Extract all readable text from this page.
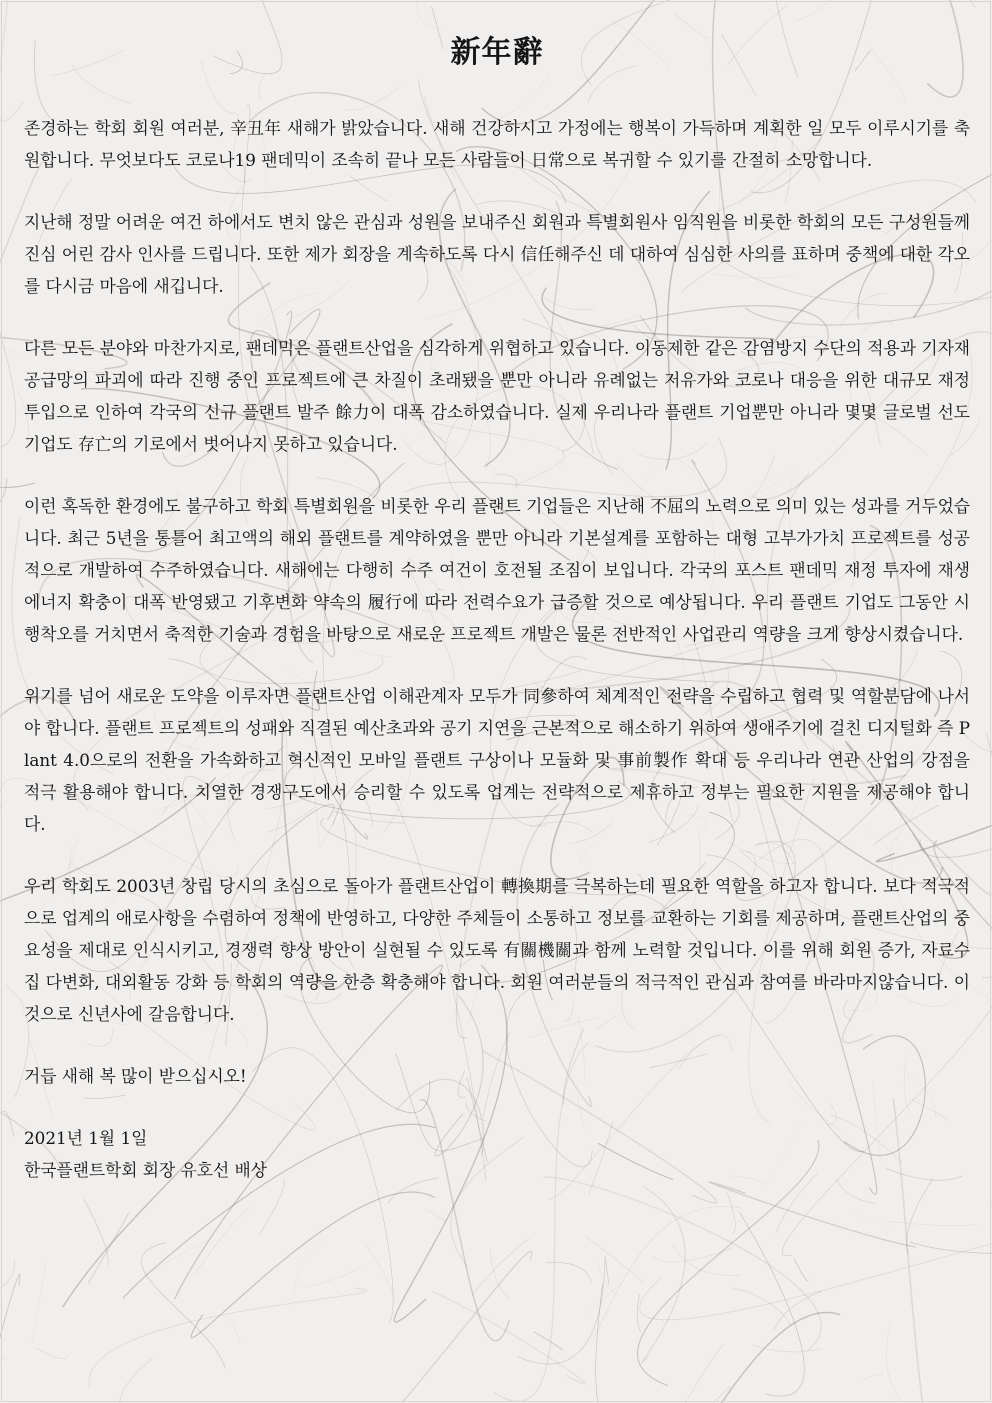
新年辭

존경하는 학회 회원 여러분, 辛丑年 새해가 밝았습니다. 새해 건강하시고 가정에는 행복이 가득하며 계획한 일 모두 이루시기를 축원합니다. 무엇보다도 코로나19 팬데믹이 조속히 끝나 모든 사람들이 日常으로 복귀할 수 있기를 간절히 소망합니다.

지난해 정말 어려운 여건 하에서도 변치 않은 관심과 성원을 보내주신 회원과 특별회원사 임직원을 비롯한 학회의 모든 구성원들께 진심 어린 감사 인사를 드립니다. 또한 제가 회장을 계속하도록 다시 信任해주신 데 대하여 심심한 사의를 표하며 중책에 대한 각오를 다시금 마음에 새깁니다.

다른 모든 분야와 마찬가지로, 팬데믹은 플랜트산업을 심각하게 위협하고 있습니다. 이동제한 같은 감염방지 수단의 적용과 기자재 공급망의 파괴에 따라 진행 중인 프로젝트에 큰 차질이 초래됐을 뿐만 아니라 유례없는 저유가와 코로나 대응을 위한 대규모 재정 투입으로 인하여 각국의 신규 플랜트 발주 餘力이 대폭 감소하였습니다. 실제 우리나라 플랜트 기업뿐만 아니라 몇몇 글로벌 선도기업도 存亡의 기로에서 벗어나지 못하고 있습니다.

이런 혹독한 환경에도 불구하고 학회 특별회원을 비롯한 우리 플랜트 기업들은 지난해 不屈의 노력으로 의미 있는 성과를 거두었습니다. 최근 5년을 통틀어 최고액의 해외 플랜트를 계약하였을 뿐만 아니라 기본설계를 포함하는 대형 고부가가치 프로젝트를 성공적으로 개발하여 수주하였습니다. 새해에는 다행히 수주 여건이 호전될 조짐이 보입니다. 각국의 포스트 팬데믹 재정 투자에 재생에너지 확충이 대폭 반영됐고 기후변화 약속의 履行에 따라 전력수요가 급증할 것으로 예상됩니다. 우리 플랜트 기업도 그동안 시행착오를 거치면서 축적한 기술과 경험을 바탕으로 새로운 프로젝트 개발은 물론 전반적인 사업관리 역량을 크게 향상시켰습니다.

위기를 넘어 새로운 도약을 이루자면 플랜트산업 이해관계자 모두가 同參하여 체계적인 전략을 수립하고 협력 및 역할분담에 나서야 합니다. 플랜트 프로젝트의 성패와 직결된 예산초과와 공기 지연을 근본적으로 해소하기 위하여 생애주기에 걸친 디지털화 즉 Plant 4.0으로의 전환을 가속화하고 혁신적인 모바일 플랜트 구상이나 모듈화 및 事前製作 확대 등 우리나라 연관 산업의 강점을 적극 활용해야 합니다. 치열한 경쟁구도에서 승리할 수 있도록 업계는 전략적으로 제휴하고 정부는 필요한 지원을 제공해야 합니다.

우리 학회도 2003년 창립 당시의 초심으로 돌아가 플랜트산업이 轉換期를 극복하는데 필요한 역할을 하고자 합니다. 보다 적극적으로 업계의 애로사항을 수렴하여 정책에 반영하고, 다양한 주체들이 소통하고 정보를 교환하는 기회를 제공하며, 플랜트산업의 중요성을 제대로 인식시키고, 경쟁력 향상 방안이 실현될 수 있도록 有關機關과 함께 노력할 것입니다. 이를 위해 회원 증가, 자료수집 다변화, 대외활동 강화 등 학회의 역량을 한층 확충해야 합니다. 회원 여러분들의 적극적인 관심과 참여를 바라마지않습니다. 이것으로 신년사에 갈음합니다.

거듭 새해 복 많이 받으십시오!

2021년 1월 1일

한국플랜트학회 회장 유호선 배상
